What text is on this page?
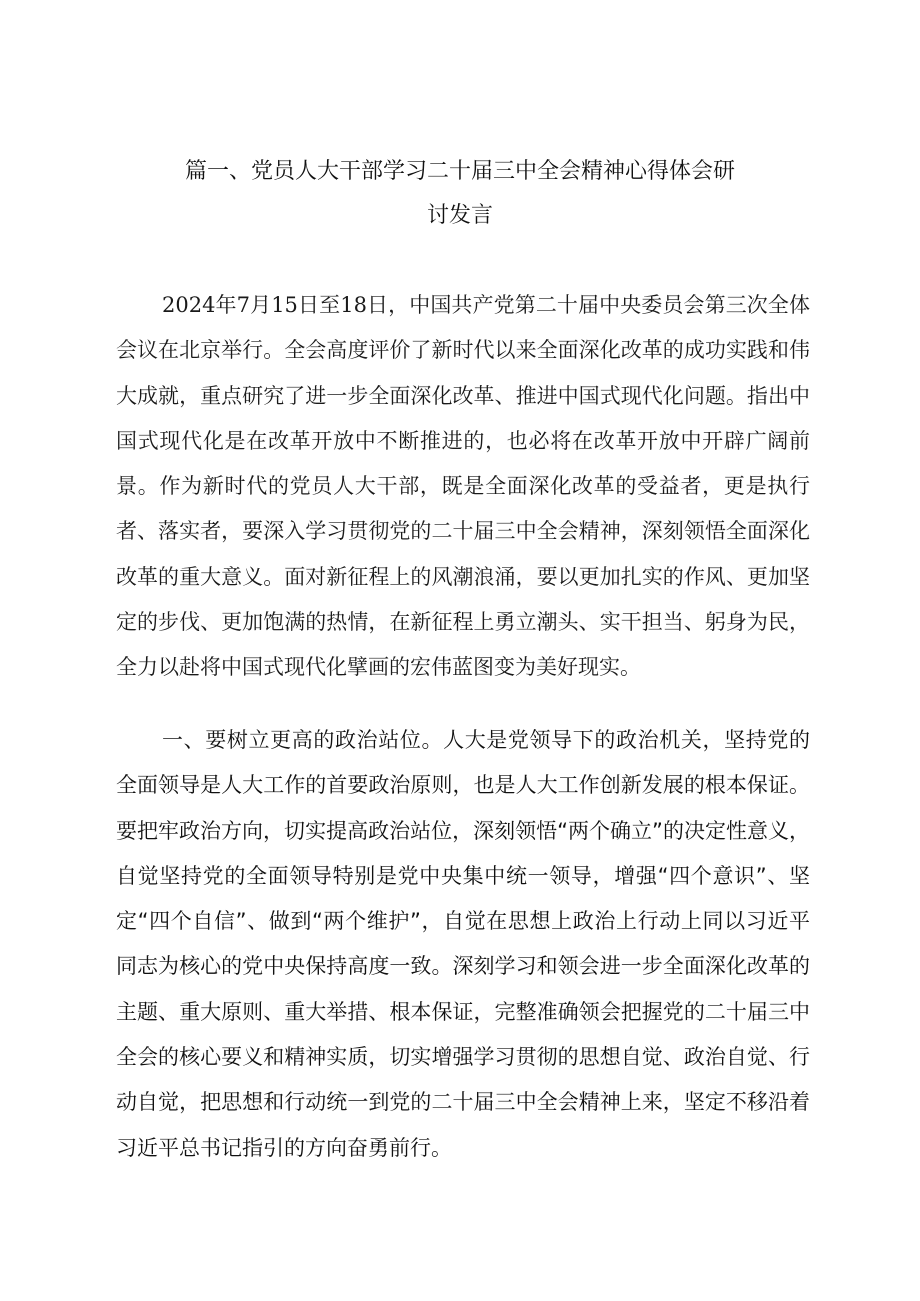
篇一、党员人大干部学习二十届三中全会精神心得体会研
讨发言

2024年7月15日至18日，中国共产党第二十届中央委员会第三次全体会议在北京举行。全会高度评价了新时代以来全面深化改革的成功实践和伟大成就，重点研究了进一步全面深化改革、推进中国式现代化问题。指出中国式现代化是在改革开放中不断推进的，也必将在改革开放中开辟广阔前景。作为新时代的党员人大干部，既是全面深化改革的受益者，更是执行者、落实者，要深入学习贯彻党的二十届三中全会精神，深刻领悟全面深化改革的重大意义。面对新征程上的风潮浪涌，要以更加扎实的作风、更加坚定的步伐、更加饱满的热情，在新征程上勇立潮头、实干担当、躬身为民，全力以赴将中国式现代化擘画的宏伟蓝图变为美好现实。

一、要树立更高的政治站位。人大是党领导下的政治机关，坚持党的全面领导是人大工作的首要政治原则，也是人大工作创新发展的根本保证。要把牢政治方向，切实提高政治站位，深刻领悟“两个确立”的决定性意义，自觉坚持党的全面领导特别是党中央集中统一领导，增强“四个意识”、坚定“四个自信”、做到“两个维护”，自觉在思想上政治上行动上同以习近平同志为核心的党中央保持高度一致。深刻学习和领会进一步全面深化改革的主题、重大原则、重大举措、根本保证，完整准确领会把握党的二十届三中全会的核心要义和精神实质，切实增强学习贯彻的思想自觉、政治自觉、行动自觉，把思想和行动统一到党的二十届三中全会精神上来，坚定不移沿着习近平总书记指引的方向奋勇前行。
